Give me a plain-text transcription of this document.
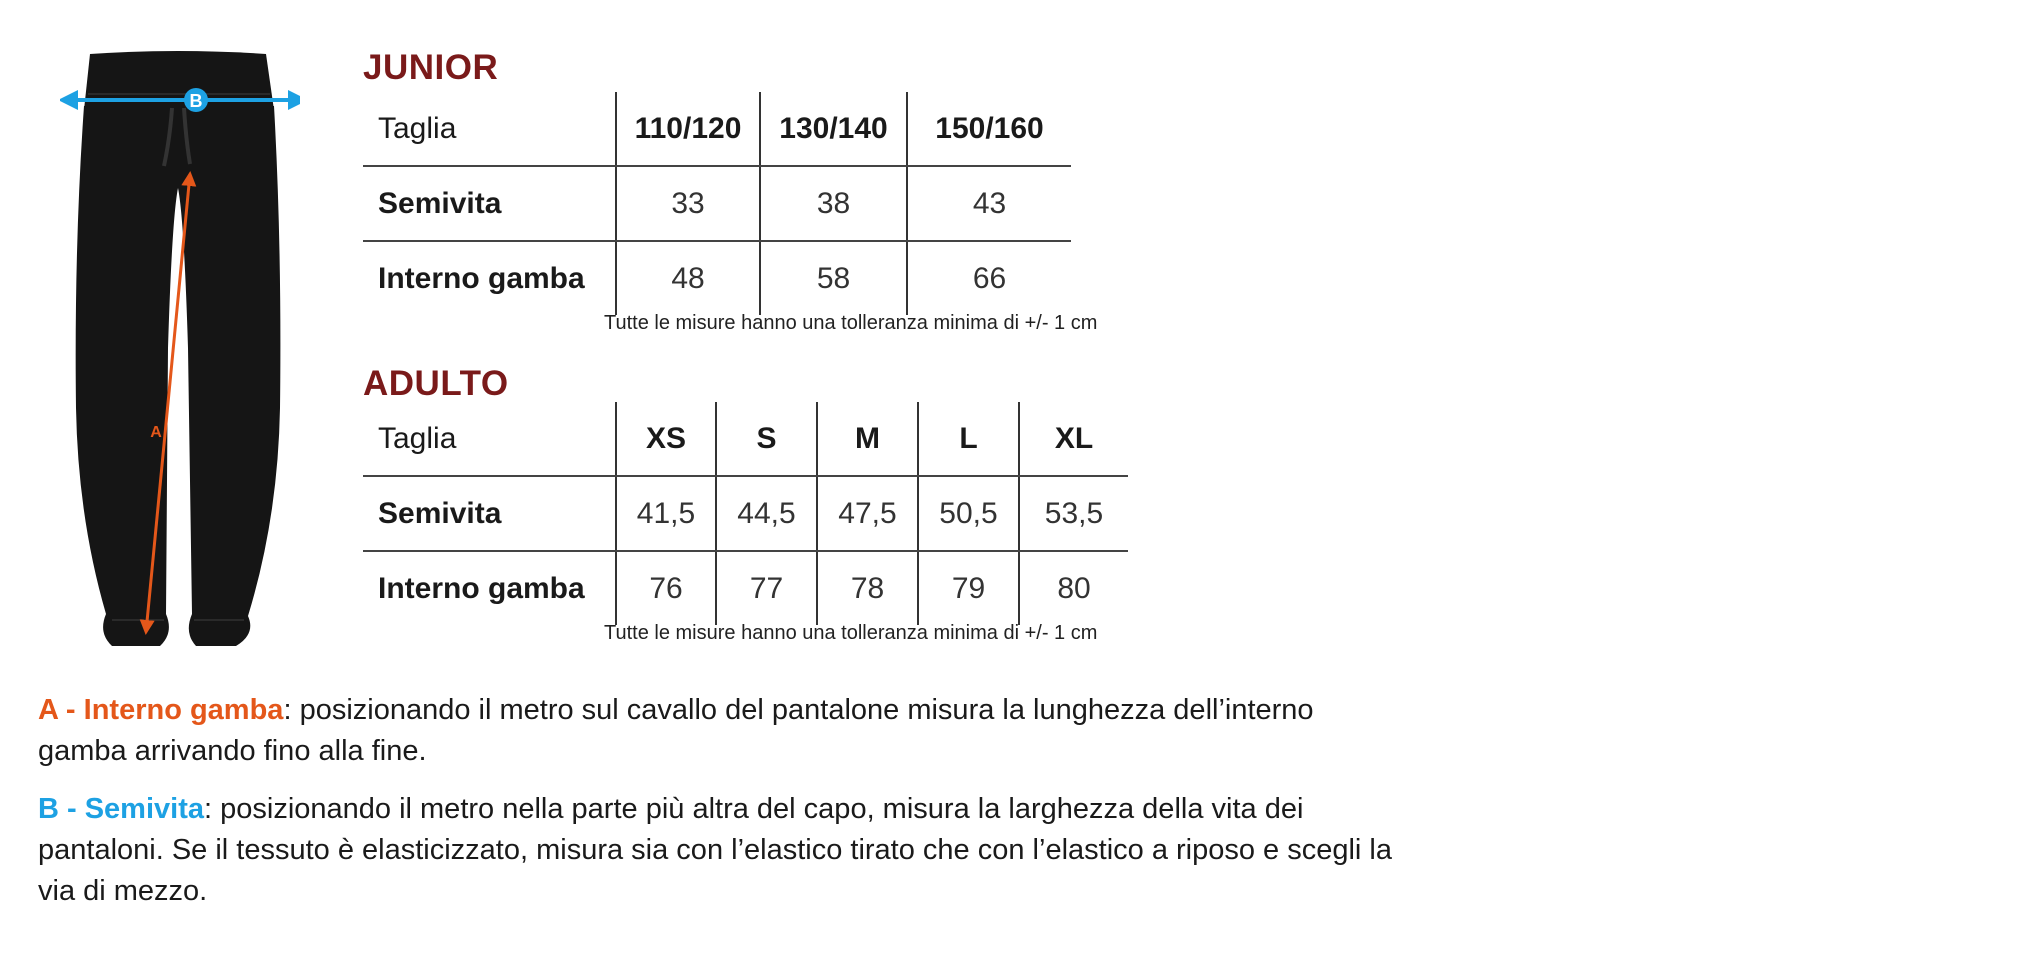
B
A
JUNIOR
Taglia	110/120	130/140	150/160
Semivita	33	38	43
Interno gamba	48	58	66
Tutte le misure hanno una tolleranza minima di +/- 1 cm
ADULTO
Taglia	XS	S	M	L	XL
Semivita	41,5	44,5	47,5	50,5	53,5
Interno gamba	76	77	78	79	80
Tutte le misure hanno una tolleranza minima di +/- 1 cm

A - Interno gamba: posizionando il metro sul cavallo del pantalone misura la lunghezza dell’interno gamba arrivando fino alla fine.

B - Semivita: posizionando il metro nella parte più altra del capo, misura la larghezza della vita dei pantaloni. Se il tessuto è elasticizzato, misura sia con l’elastico tirato che con l’elastico a riposo e scegli la via di mezzo.
